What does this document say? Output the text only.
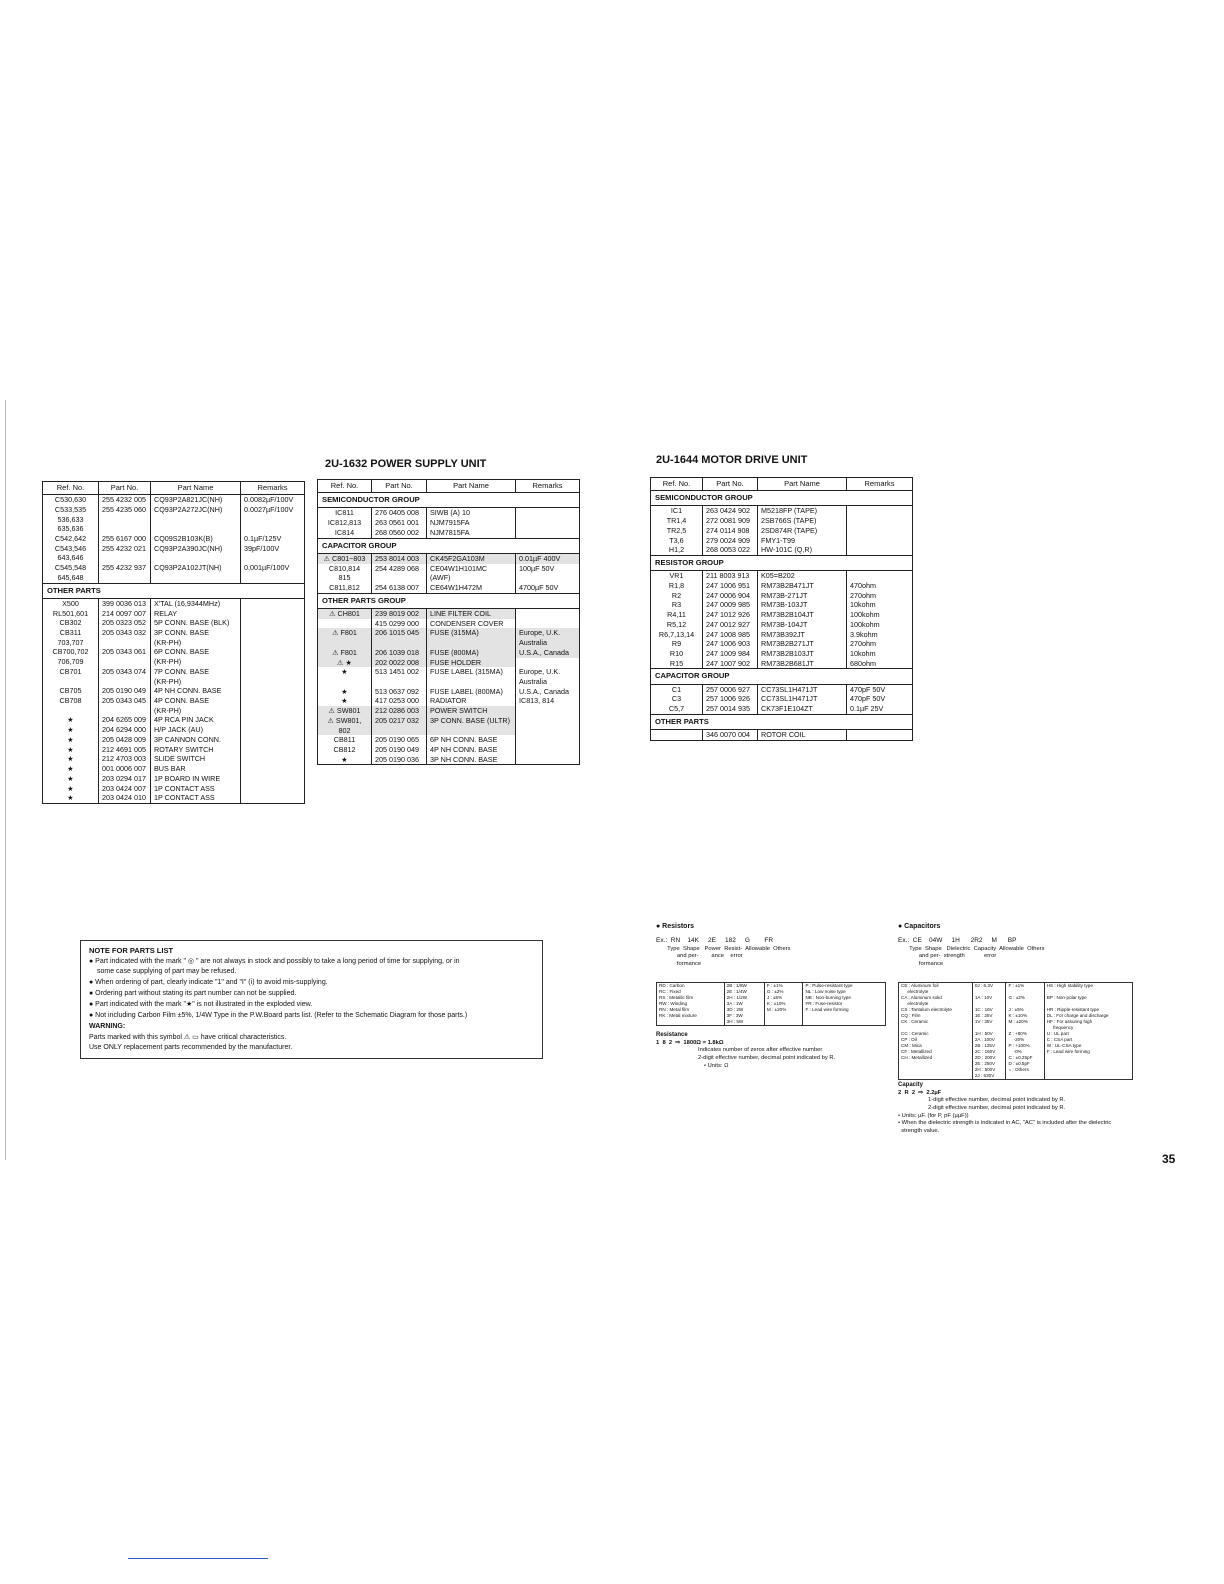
2U-1632 POWER SUPPLY UNIT	2U-1644 MOTOR DRIVE UNIT
Ref. No.	Part No.	Part Name	Remarks
C530,630	255 4232 005	CQ93P2A821JC(NH)	0.0082µF/100V
C533,535	255 4235 060	CQ93P2A272JC(NH)	0.0027µF/100V
536,633			
635,636			
C542,642	255 6167 000	CQ09S2B103K(B)	0.1µF/125V
C543,546	255 4232 021	CQ93P2A390JC(NH)	39pF/100V
643,646			
C545,548	255 4232 937	CQ93P2A102JT(NH)	0.001µF/100V
645,648			

OTHER PARTS			
X500	399 0036 013	X'TAL (16,9344MHz)	
RL501,601	214 0097 007	RELAY	
CB302	205 0323 052	5P CONN. BASE (BLK)	
CB311	205 0343 032	3P CONN. BASE	
703,707		(KR-PH)	
CB700,702	205 0343 061	6P CONN. BASE	
706,709		(KR-PH)	
CB701	205 0343 074	7P CONN. BASE	
		(KR-PH)	
CB705	205 0190 049	4P NH CONN. BASE	
CB708	205 0343 045	4P CONN. BASE	
		(KR-PH)	
★	204 6265 009	4P RCA PIN JACK	
★	204 6294 000	H/P JACK (AU)	
★	205 0428 009	3P CANNON CONN.	
★	212 4691 005	ROTARY SWITCH	
★	212 4703 003	SLIDE SWITCH	
★	001 0006 007	BUS BAR	
★	203 0294 017	1P BOARD IN WIRE	
★	203 0424 007	1P CONTACT ASS	
★	203 0424 010	1P CONTACT ASS	
Ref. No.	Part No.	Part Name	Remarks
SEMICONDUCTOR GROUP			
IC811	276 0405 008	SIWB (A) 10	
IC812,813	263 0561 001	NJM7915FA	
IC814	268 0560 002	NJM7815FA	

CAPACITOR GROUP			
⚠ C801~803	253 8014 003	CK45F2GA103M	0.01µF 400V
C810,814	254 4289 068	CE04W1H101MC	100µF 50V
815		(AWF)	
C811,812	254 6138 007	CE64W1H472M	4700µF 50V

OTHER PARTS GROUP			
⚠ CH801	239 8019 002	LINE FILTER COIL	
	415 0299 000	CONDENSER COVER	
⚠ F801	206 1015 045	FUSE (315MA)	Europe, U.K.
			Australia
⚠ F801	206 1039 018	FUSE (800MA)	U.S.A., Canada
⚠ ★	202 0022 008	FUSE HOLDER	
★	513 1451 002	FUSE LABEL (315MA)	Europe, U.K.
			Australia
★	513 0637 092	FUSE LABEL (800MA)	U.S.A., Canada
★	417 0253 000	RADIATOR	IC813, 814
⚠ SW801	212 0286 003	POWER SWITCH	
⚠ SW801,	205 0217 032	3P CONN. BASE (ULTR)	
802			
CB811	205 0190 065	6P NH CONN. BASE	
CB812	205 0190 049	4P NH CONN. BASE	
★	205 0190 036	3P NH CONN. BASE	

Ref. No.	Part No.	Part Name	Remarks
SEMICONDUCTOR GROUP			
IC1	263 0424 902	M5218FP (TAPE)	
TR1,4	272 0081 909	2SB766S (TAPE)	
TR2,5	274 0114 908	2SD874R (TAPE)	
T3,6	279 0024 909	FMY1-T99	
H1,2	268 0053 022	HW-101C (Q,R)	
RESISTOR GROUP			
VR1	211 8003 913	K05=B202	
R1,8	247 1006 951	RM73B2B471JT	470ohm
R2	247 0006 904	RM73B-271JT	270ohm
R3	247 0009 985	RM73B-103JT	10kohm
R4,11	247 1012 926	RM73B2B104JT	100kohm
R5,12	247 0012 927	RM73B-104JT	100kohm
R6,7,13,14	247 1008 985	RM73B392JT	3.9kohm
R9	247 1006 903	RM73B2B271JT	270ohm
R10	247 1009 984	RM73B2B103JT	10kohm
R15	247 1007 902	RM73B2B681JT	680ohm

CAPACITOR GROUP			
C1	257 0006 927	CC73SL1H471JT	470pF 50V
C3	257 1006 926	CC73SL1H471JT	470pF 50V
C5,7	257 0014 935	CK73F1E104ZT	0.1µF 25V

OTHER PARTS			
	346 0070 004	ROTOR COIL	

NOTE FOR PARTS LIST
● Part indicated with the mark " ◎ " are not always in stock and possibly to take a long period of time for supplying, or in
some case supplying of part may be refused.
● When ordering of part, clearly indicate "1" and "I" (i) to avoid mis-supplying.
● Ordering part without stating its part number can not be supplied.
● Part indicated with the mark "★" is not illustrated in the exploded view.
● Not including Carbon Film ±5%, 1/4W Type in the P.W.Board parts list. (Refer to the Schematic Diagram for those parts.)
WARNING:
Parts marked with this symbol ⚠ ▭ have critical characteristics.
Use ONLY replacement parts recommended by the manufacturer.
● Resistors
Ex.:  RN    14K     2E     182     G        FR
Type  Shape   Power  Resist-  Allowable  Others
and per-        ance    error
formance
RD : Carbon
RC : Fixed
RS : Metallic film
RW : Winding
RN : Metal film
RK : Metal mixture

2B : 1/8W
2E : 1/4W
2H : 1/2W
3A : 1W
3D : 2W
3F : 3W
3H : 5W

F : ±1%
G : ±2%
J : ±5%
K : ±10%
M : ±20%

P : Pulse-resistant type
NL : Low noise type
NB : Non-burning type
FR : Fuse-resistor
F : Lead wire forming
Resistance
1  8  2  ⇨  1800Ω = 1.8kΩ
Indicates number of zeros after effective number
2-digit effective number, decimal point indicated by R.
• Units: Ω
● Capacitors
Ex.:  CE    04W     1H      2R2     M      BP
Type  Shape   Dielectric  Capacity  Allowable  Others
and per-  strength            error
formance
CE : Aluminum foil
electrolyte
CA : Aluminum solid
electrolyte
CS : Tantalum electrolyte
CQ : Film
CK : Ceramic
CC : Ceramic
CP : Oil
CM : Mica
CF : Metallized
CH : Metallized

0J : 6.3V
1A : 10V
1C : 16V
1E : 25V
1V : 35V
1H : 50V
2A : 100V
2B : 125V
2C : 160V
2D : 200V
2E : 250V
2H : 500V
2J : 630V

F : ±1%
G : ±2%
J : ±5%
K : ±10%
M : ±20%
Z : +80%
-20%
P : +100%
-0%
C : ±0.25pF
D : ±0.5pF
= : Others

HS : High stability type
BP : Non-polar type
HR : Ripple-resistant type
DL : For charge and discharge
HF : For assuring high
frequency
U : UL part
C : CSA part
W : UL-CSA type
F : Lead wire forming
Capacity
2  R  2  ⇨  2.2µF
1-digit effective number, decimal point indicated by R.
2-digit effective number, decimal point indicated by R.
• Units: µF. (for P, pF (µµF))
• When the dielectric strength is indicated in AC, "AC" is included after the dielectric
strength value.
35
